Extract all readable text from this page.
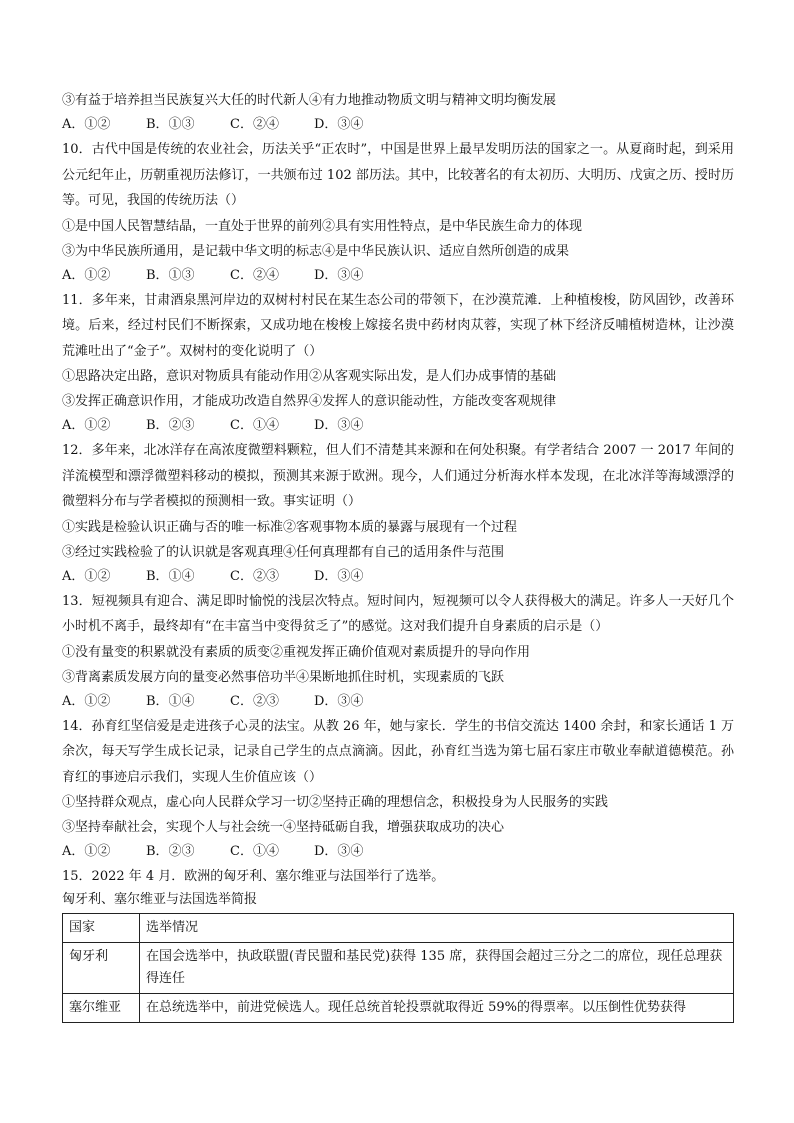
③有益于培养担当民族复兴大任的时代新人④有力地推动物质文明与精神文明均衡发展
A．①②	B．①③	C．②④	D．③④
10．古代中国是传统的农业社会，历法关乎“正农时”，中国是世界上最早发明历法的国家之一。从夏商时起，到采用公元纪年止，历朝重视历法修订，一共颁布过 102 部历法。其中，比较著名的有太初历、大明历、戊寅之历、授时历等。可见，我国的传统历法（）
①是中国人民智慧结晶，一直处于世界的前列②具有实用性特点，是中华民族生命力的体现
③为中华民族所通用，是记载中华文明的标志④是中华民族认识、适应自然所创造的成果
A．①②	B．①③	C．②④	D．③④
11．多年来，甘肃酒泉黑河岸边的双树村村民在某生态公司的带领下，在沙漠荒滩．上种植梭梭，防风固钞，改善环境。后来，经过村民们不断探索，又成功地在梭梭上嫁接名贵中药材肉苁蓉，实现了林下经济反哺植树造林，让沙漠荒滩吐出了“金子”。双树村的变化说明了（）
①思路决定出路，意识对物质具有能动作用②从客观实际出发，是人们办成事情的基础
③发挥正确意识作用，才能成功改造自然界④发挥人的意识能动性，方能改变客观规律
A．①②	B．②③	C．①④	D．③④
12．多年来，北冰洋存在高浓度微塑料颗粒，但人们不清楚其来源和在何处积聚。有学者结合 2007 一 2017 年间的洋流模型和漂浮微塑料移动的模拟，预测其来源于欧洲。现今，人们通过分析海水样本发现，在北冰洋等海域漂浮的微塑料分布与学者模拟的预测相一致。事实证明（）
①实践是检验认识正确与否的唯一标准②客观事物本质的暴露与展现有一个过程
③经过实践检验了的认识就是客观真理④任何真理都有自己的适用条件与范围
A．①②	B．①④	C．②③	D．③④
13．短视频具有迎合、满足即时愉悦的浅层次特点。短时间内，短视频可以令人获得极大的满足。许多人一天好几个小时机不离手，最终却有“在丰富当中变得贫乏了”的感觉。这对我们提升自身素质的启示是（）
①没有量变的积累就没有素质的质变②重视发挥正确价值观对素质提升的导向作用
③背离素质发展方向的量变必然事倍功半④果断地抓住时机，实现素质的飞跃
A．①②	B．①④	C．②③	D．③④
14．孙育红坚信爱是走进孩子心灵的法宝。从教 26 年，她与家长．学生的书信交流达 1400 余封，和家长通话 1 万余次，每天写学生成长记录，记录自己学生的点点滴滴。因此，孙育红当选为第七届石家庄市敬业奉献道德模范。孙育红的事迹启示我们，实现人生价值应该（）
①坚持群众观点，虚心向人民群众学习一切②坚持正确的理想信念，积极投身为人民服务的实践
③坚持奉献社会，实现个人与社会统一④坚持砥砺自我，增强获取成功的决心
A．①②	B．②③	C．①④	D．③④
15．2022 年 4 月．欧洲的匈牙利、塞尔维亚与法国举行了选举。
匈牙利、塞尔维亚与法国选举简报
国家	选举情况
匈牙利	在国会选举中，执政联盟(青民盟和基民党)获得 135 席，获得国会超过三分之二的席位，现任总理获得连任
塞尔维亚	在总统选举中，前进党候选人。现任总统首轮投票就取得近 59%的得票率。以压倒性优势获得
